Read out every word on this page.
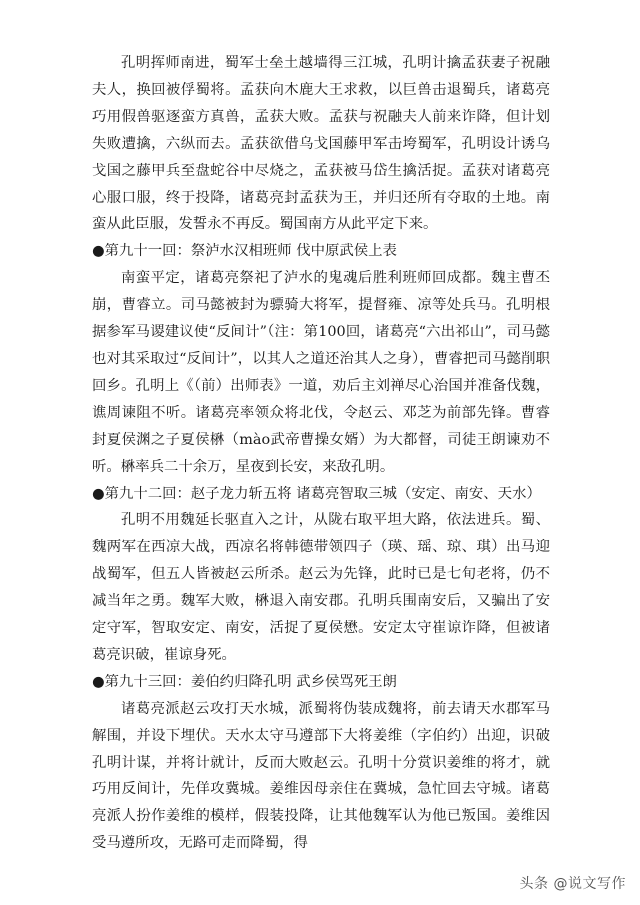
孔明挥师南进，蜀军士垒土越墙得三江城，孔明计擒孟获妻子祝融夫人，换回被俘蜀将。孟获向木鹿大王求救，以巨兽击退蜀兵，诸葛亮巧用假兽驱逐蛮方真兽，孟获大败。孟获与祝融夫人前来诈降，但计划失败遭擒，六纵而去。孟获欲借乌戈国藤甲军击垮蜀军，孔明设计诱乌戈国之藤甲兵至盘蛇谷中尽烧之，孟获被马岱生擒活捉。孟获对诸葛亮心服口服，终于投降，诸葛亮封孟获为王，并归还所有夺取的土地。南蛮从此臣服，发誓永不再反。蜀国南方从此平定下来。

●第九十一回：祭泸水汉相班师 伐中原武侯上表

南蛮平定，诸葛亮祭祀了泸水的鬼魂后胜利班师回成都。魏主曹丕崩，曹睿立。司马懿被封为骠骑大将军，提督雍、凉等处兵马。孔明根据参军马谡建议使“反间计”（注：第100回，诸葛亮“六出祁山”，司马懿也对其采取过“反间计”，以其人之道还治其人之身），曹睿把司马懿削职回乡。孔明上《（前）出师表》一道，劝后主刘禅尽心治国并准备伐魏，谯周谏阻不听。诸葛亮率领众将北伐，令赵云、邓芝为前部先锋。曹睿封夏侯渊之子夏侯楙（mào武帝曹操女婿）为大都督，司徒王朗谏劝不听。楙率兵二十余万，星夜到长安，来敌孔明。

●第九十二回：赵子龙力斩五将 诸葛亮智取三城（安定、南安、天水）

孔明不用魏延长驱直入之计，从陇右取平坦大路，依法进兵。蜀、魏两军在西凉大战，西凉名将韩德带领四子（瑛、瑶、琼、琪）出马迎战蜀军，但五人皆被赵云所杀。赵云为先锋，此时已是七旬老将，仍不减当年之勇。魏军大败，楙退入南安郡。孔明兵围南安后，又骗出了安定守军，智取安定、南安，活捉了夏侯懋。安定太守崔谅诈降，但被诸葛亮识破，崔谅身死。

●第九十三回：姜伯约归降孔明 武乡侯骂死王朗

诸葛亮派赵云攻打天水城，派蜀将伪装成魏将，前去请天水郡军马解围，并设下埋伏。天水太守马遵部下大将姜维（字伯约）出迎，识破孔明计谋，并将计就计，反而大败赵云。孔明十分赏识姜维的将才，就巧用反间计，先佯攻冀城。姜维因母亲住在冀城，急忙回去守城。诸葛亮派人扮作姜维的模样，假装投降，让其他魏军认为他已叛国。姜维因受马遵所攻，无路可走而降蜀，得

头条 @说文写作
